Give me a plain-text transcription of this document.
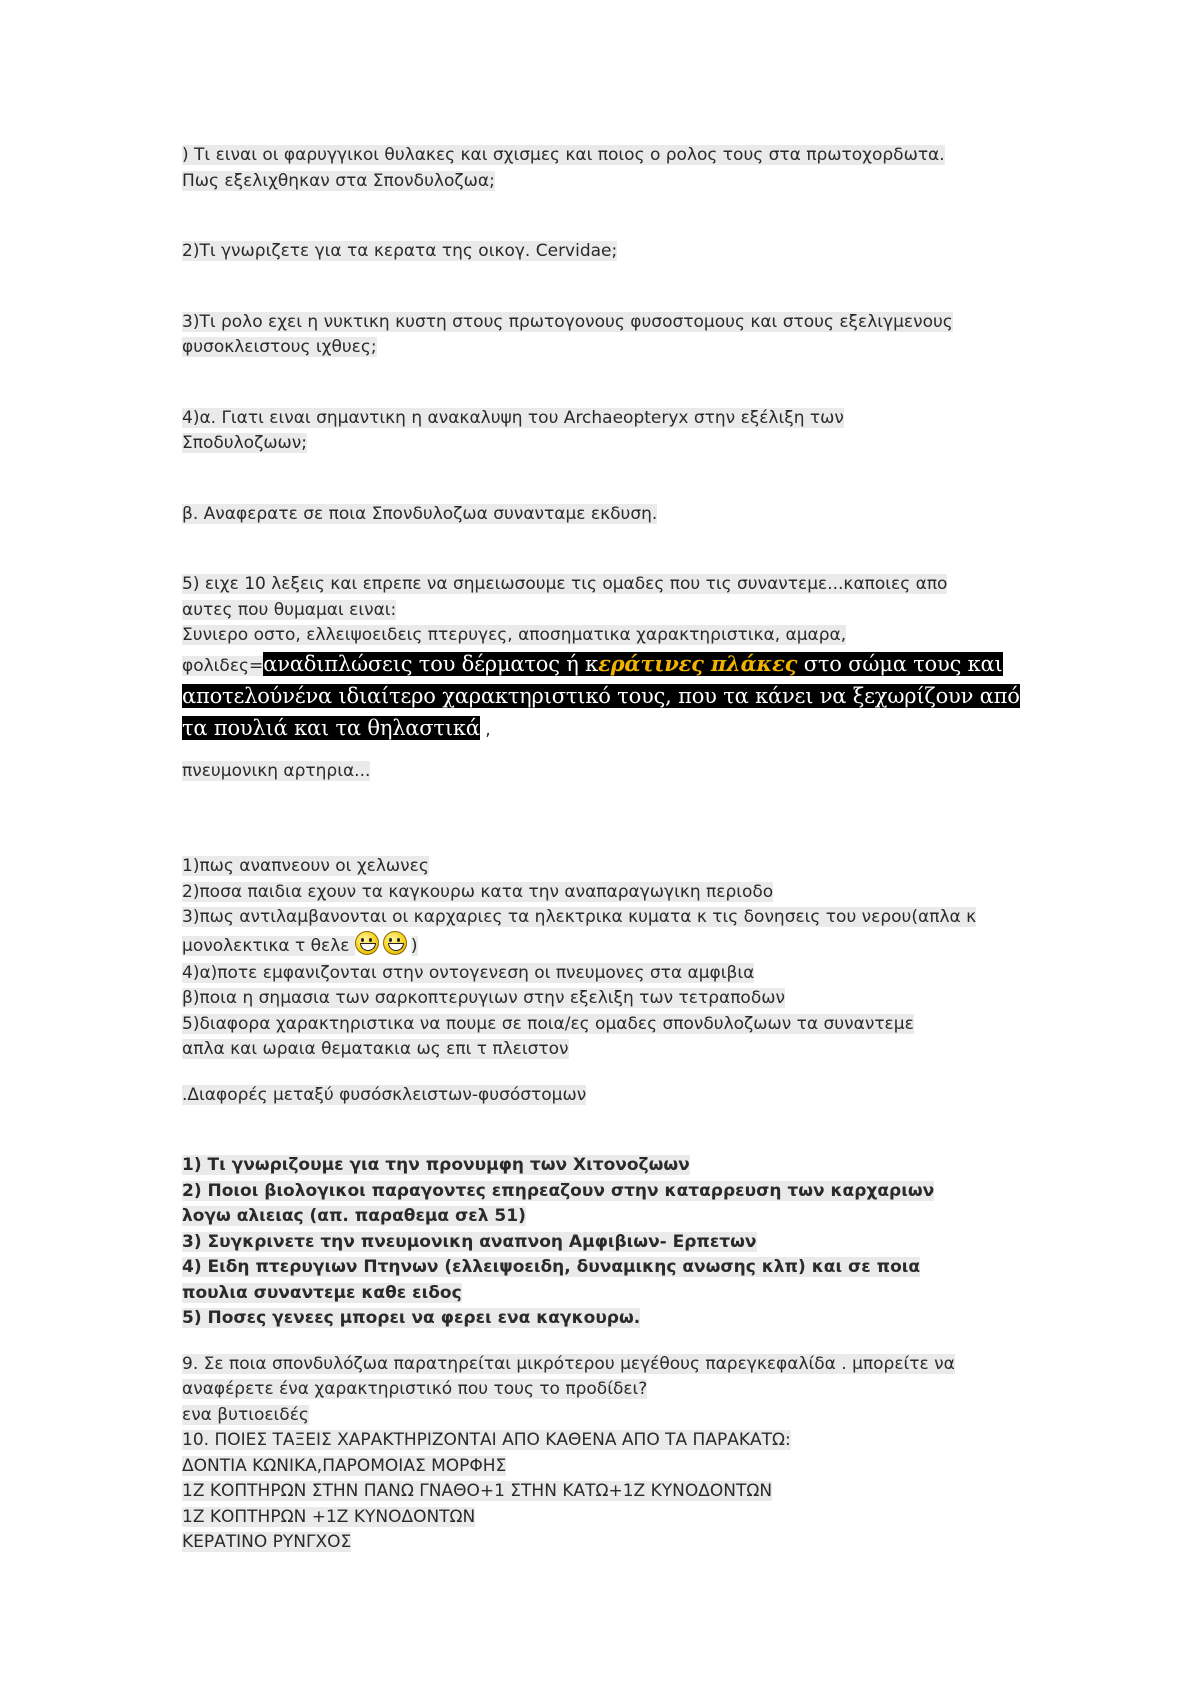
) Τι ειναι οι φαρυγγικοι θυλακες και σχισμες και ποιος ο ρολος τους στα πρωτοχορδωτα.
Πως εξελιχθηκαν στα Σπονδυλοζωα;
2)Τι γνωριζετε για τα κερατα της οικογ. Cervidae;
3)Τι ρολο εχει η νυκτικη κυστη στους πρωτογονους φυσοστομους και στους εξελιγμενους
φυσοκλειστους ιχθυες;
4)α. Γιατι ειναι σημαντικη η ανακαλυψη του Archaeopteryx στην εξέλιξη των
Σποδυλοζωων;
β. Αναφερατε σε ποια Σπονδυλοζωα συνανταμε εκδυση.
5) ειχε 10 λεξεις και επρεπε να σημειωσουμε τις ομαδες που τις συναντεμε...καποιες απο
αυτες που θυμαμαι ειναι:
Συνιερο οστο, ελλειψοειδεις πτερυγες, αποσηματικα χαρακτηριστικα, αμαρα,
φολιδες=αναδιπλώσεις του δέρματος ή κεράτινες πλάκες στο σώμα τους και
αποτελούνένα ιδιαίτερο χαρακτηριστικό τους, που τα κάνει να ξεχωρίζουν από
τα πουλιά και τα θηλαστικά ,
πνευμονικη αρτηρια...
1)πως αναπνεουν οι χελωνες
2)ποσα παιδια εχουν τα καγκουρω κατα την αναπαραγωγικη περιοδο
3)πως αντιλαμβανονται οι καρχαριες τα ηλεκτρικα κυματα κ τις δονησεις του νερου(απλα κ
μονολεκτικα τ θελε	)
4)α)ποτε εμφανιζονται στην οντογενεση οι πνευμονες στα αμφιβια
β)ποια η σημασια των σαρκοπτερυγιων στην εξελιξη των τετραποδων
5)διαφορα χαρακτηριστικα να πουμε σε ποια/ες ομαδες σπονδυλοζωων τα συναντεμε
απλα και ωραια θεματακια ως επι τ πλειστον
.Διαφορές μεταξύ φυσόσκλειστων-φυσόστομων
1) Τι γνωριζουμε για την προνυμφη των Χιτονοζωων
2) Ποιοι βιολογικοι παραγοντες επηρεαζουν στην καταρρευση των καρχαριων
λογω αλιειας (απ. παραθεμα σελ 51)
3) Συγκρινετε την πνευμονικη αναπνοη Αμφιβιων- Ερπετων
4) Ειδη πτερυγιων Πτηνων (ελλειψοειδη, δυναμικης ανωσης κλπ) και σε ποια
πουλια συναντεμε καθε ειδος
5) Ποσες γενεες μπορει να φερει ενα καγκουρω.
9. Σε ποια σπονδυλόζωα παρατηρείται μικρότερου μεγέθους παρεγκεφαλίδα . μπορείτε να
αναφέρετε ένα χαρακτηριστικό που τους το προδίδει?
ενα βυτιοειδές
10. ΠΟΙΕΣ ΤΑΞΕΙΣ ΧΑΡΑΚΤΗΡΙΖΟΝΤΑΙ ΑΠΟ ΚΑΘΕΝΑ ΑΠΟ ΤΑ ΠΑΡΑΚΑΤΩ:
ΔΟΝΤΙΑ ΚΩΝΙΚΑ,ΠΑΡΟΜΟΙΑΣ ΜΟΡΦΗΣ
1Ζ ΚΟΠΤΗΡΩΝ ΣΤΗΝ ΠΑΝΩ ΓΝΑΘΟ+1 ΣΤΗΝ ΚΑΤΩ+1Ζ ΚΥΝΟΔΟΝΤΩΝ
1Ζ ΚΟΠΤΗΡΩΝ +1Ζ ΚΥΝΟΔΟΝΤΩΝ
ΚΕΡΑΤΙΝΟ ΡΥΝΓΧΟΣ
